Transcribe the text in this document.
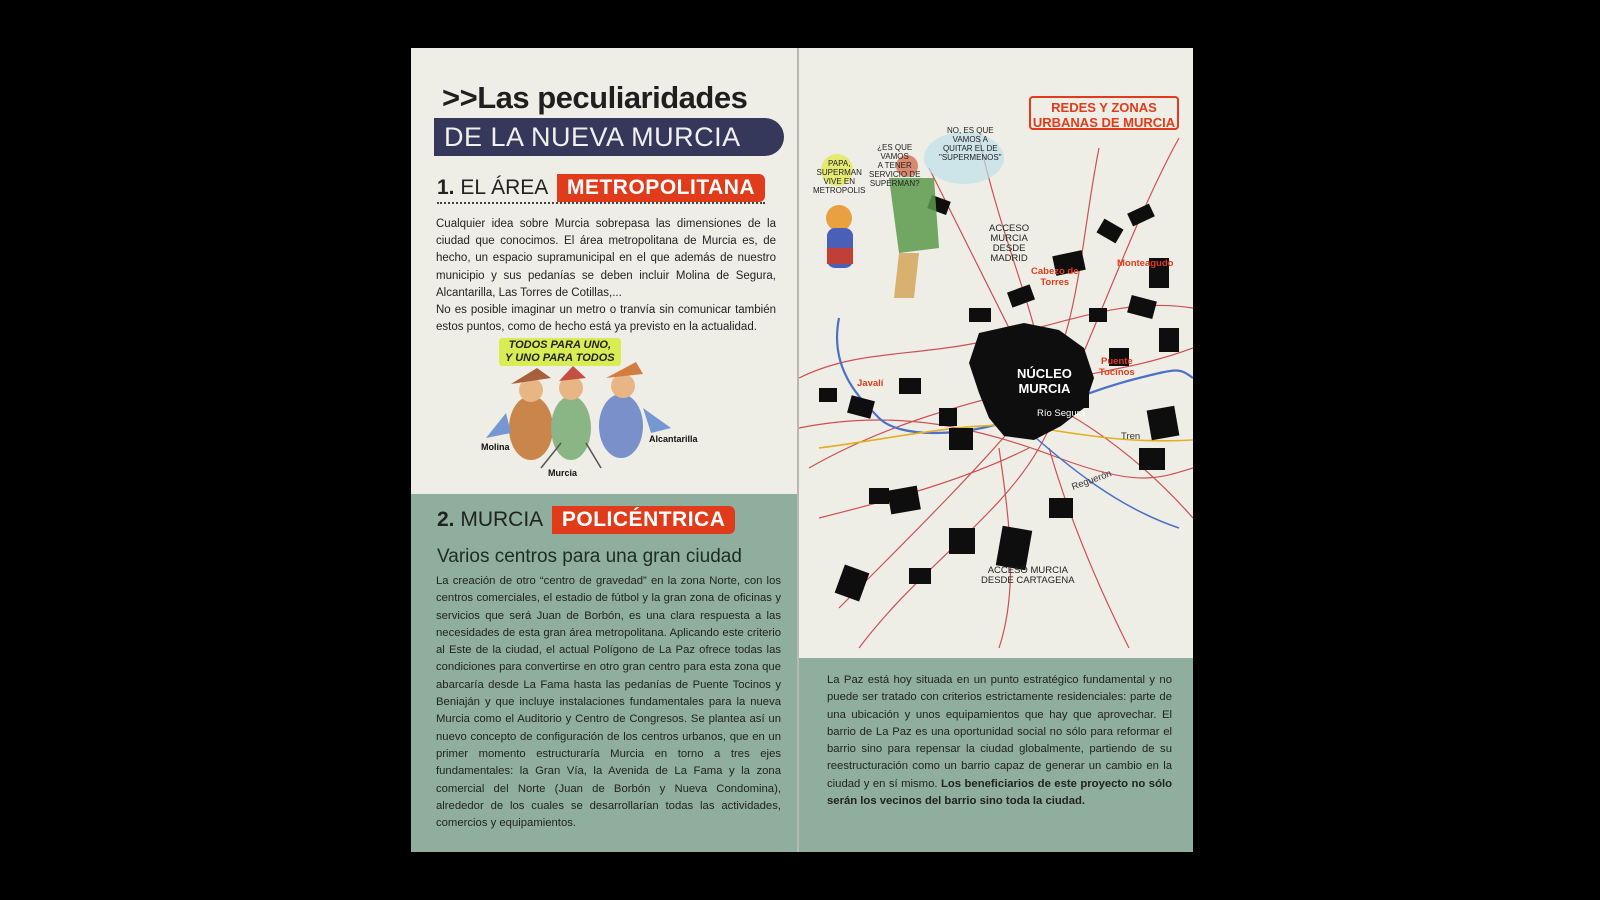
>>Las peculiaridades
DE LA NUEVA MURCIA
1. EL ÁREA METROPOLITANA
Cualquier idea sobre Murcia sobrepasa las dimensiones de la ciudad que conocimos. El área metropolitana de Murcia es, de hecho, un espacio supramunicipal en el que además de nuestro municipio y sus pedanías se deben incluir Molina de Segura, Alcantarilla, Las Torres de Cotillas,...
No es posible imaginar un metro o tranvía sin comunicar también estos puntos, como de hecho está ya previsto en la actualidad.
TODOS PARA UNO,
Y UNO PARA TODOS
Molina
Murcia
Alcantarilla
2. MURCIA POLICÉNTRICA
Varios centros para una gran ciudad
La creación de otro “centro de gravedad” en la zona Norte, con los centros comerciales, el estadio de fútbol y la gran zona de oficinas y servicios que será Juan de Borbón, es una clara respuesta a las necesidades de esta gran área metropolitana. Aplicando este criterio al Este de la ciudad, el actual Polígono de La Paz ofrece todas las condiciones para convertirse en otro gran centro para esta zona que abarcaría desde La Fama hasta las pedanías de Puente Tocinos y Beniaján y que incluye instalaciones fundamentales para la nueva Murcia como el Auditorio y Centro de Congresos. Se plantea así un nuevo concepto de configuración de los centros urbanos, que en un primer momento estructuraría Murcia en torno a tres ejes fundamentales: la Gran Vía, la Avenida de La Fama y la zona comercial del Norte (Juan de Borbón y Nueva Condomina), alrededor de los cuales se desarrollarían todas las actividades, comercios y equipamientos.
REDES Y ZONAS
URBANAS DE MURCIA
PAPA,
SUPERMAN
VIVE EN
METROPOLIS
¿ES QUE
VAMOS
A TENER
SERVICIO DE
SUPERMAN?
NO, ES QUE
VAMOS A
QUITAR EL DE
"SUPERMENOS"
ACCESO
MURCIA
DESDE
MADRID
Cabezo de
Torres
Monteagudo
NÚCLEO
MURCIA
Puente
Tocinos
Javalí
Río Segura
Tren
Reguerón
ACCESO MURCIA
DESDE CARTAGENA
La Paz está hoy situada en un punto estratégico fundamental y no puede ser tratado con criterios estrictamente residenciales: parte de una ubicación y unos equipamientos que hay que aprovechar. El barrio de La Paz es una oportunidad social no sólo para reformar el barrio sino para repensar la ciudad globalmente, partiendo de su reestructuración como un barrio capaz de generar un cambio en la ciudad y en sí mismo. Los beneficiarios de este proyecto no sólo serán los vecinos del barrio sino toda la ciudad.
